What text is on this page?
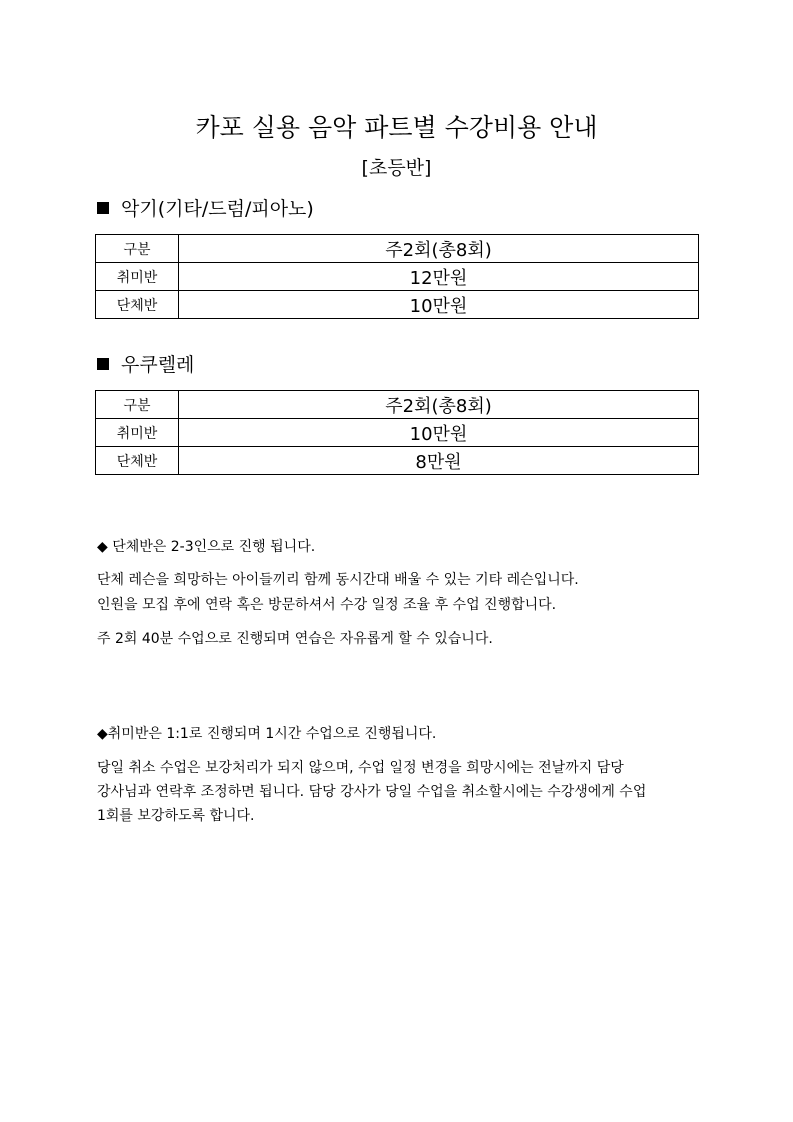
카포 실용 음악 파트별 수강비용 안내
[초등반]
악기(기타/드럼/피아노)
구분	주2회(총8회)
취미반	12만원
단체반	10만원
우쿠렐레
구분	주2회(총8회)
취미반	10만원
단체반	8만원
◆ 단체반은 2-3인으로 진행 됩니다.
단체 레슨을 희망하는 아이들끼리 함께 동시간대 배울 수 있는 기타 레슨입니다.
인원을 모집 후에 연락 혹은 방문하셔서 수강 일정 조율 후 수업 진행합니다.
주 2회 40분 수업으로 진행되며 연습은 자유롭게 할 수 있습니다.
◆취미반은 1:1로 진행되며 1시간 수업으로 진행됩니다.
당일 취소 수업은 보강처리가 되지 않으며, 수업 일정 변경을 희망시에는 전날까지 담당
강사님과 연락후 조정하면 됩니다. 담당 강사가 당일 수업을 취소할시에는 수강생에게 수업
1회를 보강하도록 합니다.
